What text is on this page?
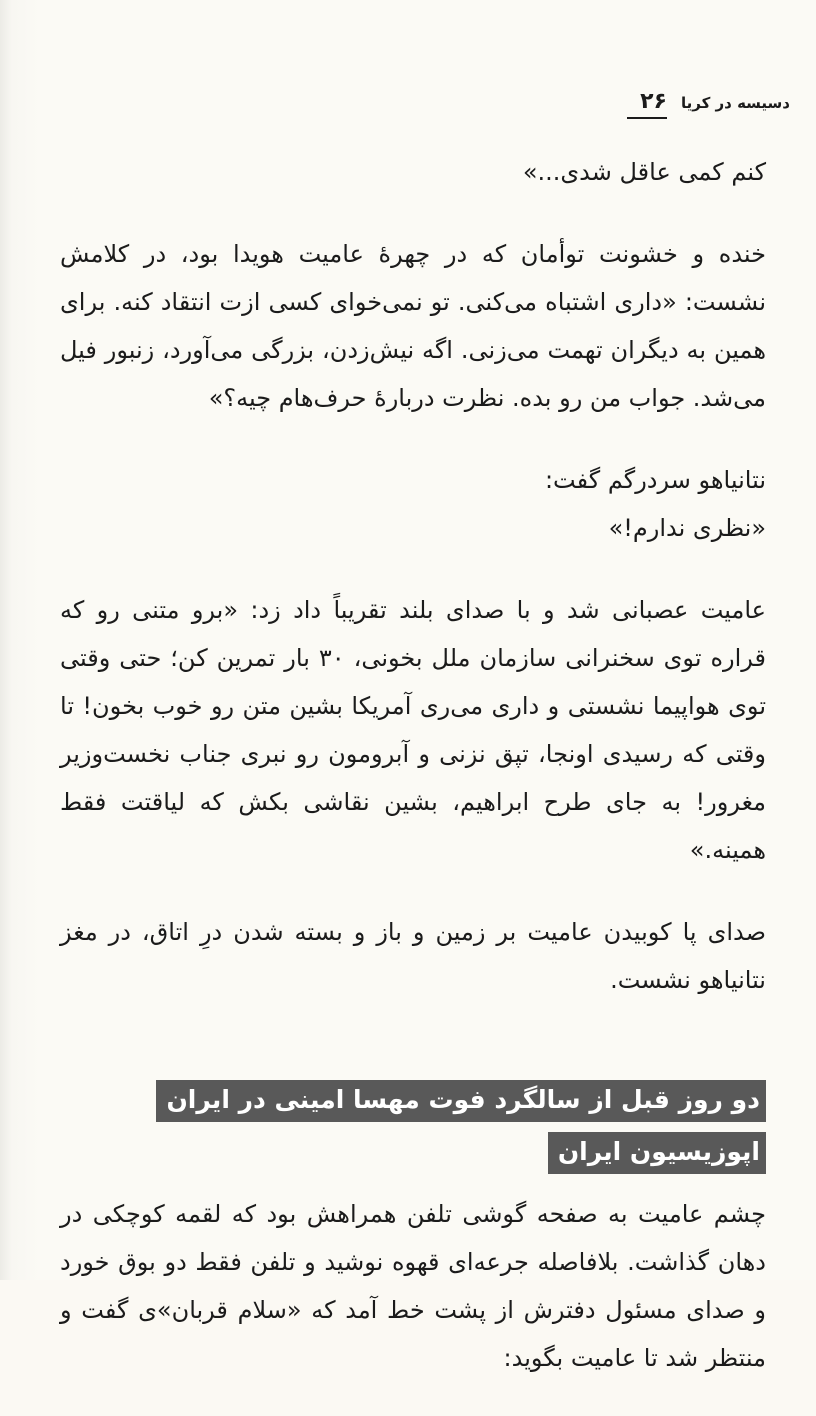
دسیسه در کریا
۲۶

کنم کمی عاقل شدی...»

خنده و خشونت توأمان که در چهرهٔ عامیت هویدا بود، در کلامش نشست: «داری اشتباه می‌کنی. تو نمی‌خوای کسی ازت انتقاد کنه. برای همین به دیگران تهمت می‌زنی. اگه نیش‌زدن، بزرگی می‌آورد، زنبور فیل می‌شد. جواب من رو بده. نظرت دربارهٔ حرف‌هام چیه؟»

نتانیاهو سردرگم گفت:

«نظری ندارم!»

عامیت عصبانی شد و با صدای بلند تقریباً داد زد: «برو متنی رو که قراره توی سخنرانی سازمان ملل بخونی، ۳۰ بار تمرین کن؛ حتی وقتی توی هواپیما نشستی و داری می‌ری آمریکا بشین متن رو خوب بخون! تا وقتی که رسیدی اونجا، تپق نزنی و آبرومون رو نبری جناب نخست‌وزیر مغرور! به جای طرح ابراهیم، بشین نقاشی بکش که لیاقتت فقط همینه.»

صدای پا کوبیدن عامیت بر زمین و باز و بسته شدن درِ اتاق، در مغز نتانیاهو نشست.

دو روز قبل از سالگرد فوت مهسا امینی در ایران
اپوزیسیون ایران

چشم عامیت به صفحه گوشی تلفن همراهش بود که لقمه کوچکی در دهان گذاشت. بلافاصله جرعه‌ای قهوه نوشید و تلفن فقط دو بوق خورد و صدای مسئول دفترش از پشت خط آمد که «سلام قربان»ی گفت و منتظر شد تا عامیت بگوید:
